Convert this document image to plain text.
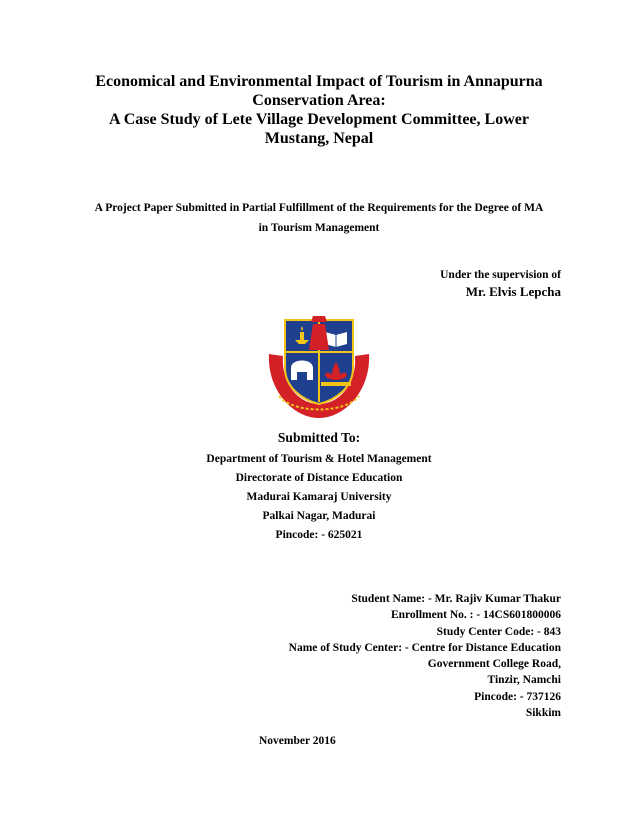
Economical and Environmental Impact of Tourism in Annapurna
Conservation Area:
A Case Study of Lete Village Development Committee, Lower
Mustang, Nepal
A Project Paper Submitted in Partial Fulfillment of the Requirements for the Degree of MA
in Tourism Management
Under the supervision of
Mr. Elvis Lepcha
Submitted To:
Department of Tourism & Hotel Management
Directorate of Distance Education
Madurai Kamaraj University
Palkai Nagar, Madurai
Pincode: - 625021
Student Name: - Mr. Rajiv Kumar Thakur
Enrollment No. : - 14CS601800006
Study Center Code: - 843
Name of Study Center: - Centre for Distance Education
Government College Road,
Tinzir, Namchi
Pincode: - 737126
Sikkim
November 2016
